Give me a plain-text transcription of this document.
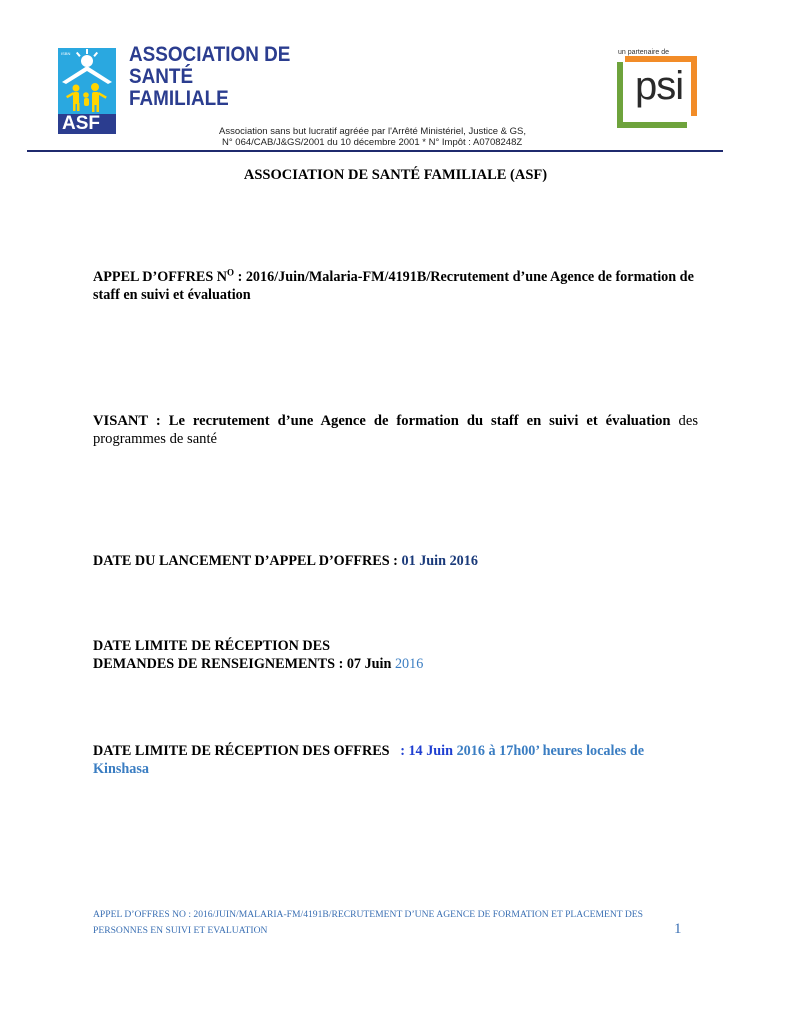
ISBN
ASF
ASSOCIATION DE
SANTÉ
FAMILIALE
un partenaire de
psi
Association sans but lucratif agréée par l'Arrêté Ministériel, Justice & GS,
N° 064/CAB/J&GS/2001 du 10 décembre 2001 * N° Impôt : A0708248Z
ASSOCIATION DE SANTÉ FAMILIALE (ASF)
APPEL D’OFFRES $N^O$ : 2016/Juin/Malaria-FM/4191B/Recrutement d’une Agence de formation de staff en suivi et évaluation
VISANT : Le recrutement d’une Agence de formation du staff en suivi et évaluation des programmes de santé
DATE DU LANCEMENT D’APPEL D’OFFRES : 01 Juin 2016
DATE LIMITE DE RÉCEPTION DES
DEMANDES DE RENSEIGNEMENTS : 07 Juin 2016
DATE LIMITE DE RÉCEPTION DES OFFRES   : 14 Juin 2016 à 17h00’ heures locales de
Kinshasa
APPEL D’OFFRES NO : 2016/JUIN/MALARIA-FM/4191B/RECRUTEMENT D’UNE AGENCE DE FORMATION ET PLACEMENT DES
PERSONNES EN SUIVI ET EVALUATION	1
